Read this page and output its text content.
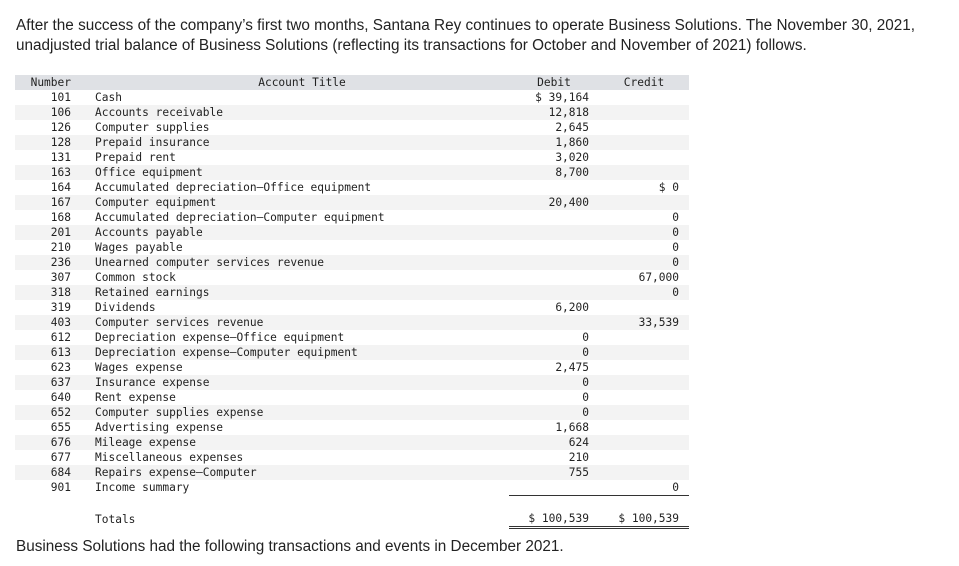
After the success of the company’s first two months, Santana Rey continues to operate Business Solutions. The November 30, 2021, unadjusted trial balance of Business Solutions (reflecting its transactions for October and November of 2021) follows.
Number	Account Title	Debit	Credit
101	Cash	$ 39,164	
106	Accounts receivable	12,818	
126	Computer supplies	2,645	
128	Prepaid insurance	1,860	
131	Prepaid rent	3,020	
163	Office equipment	8,700	
164	Accumulated depreciation—Office equipment		$ 0
167	Computer equipment	20,400	
168	Accumulated depreciation—Computer equipment		0
201	Accounts payable		0
210	Wages payable		0
236	Unearned computer services revenue		0
307	Common stock		67,000
318	Retained earnings		0
319	Dividends	6,200	
403	Computer services revenue		33,539
612	Depreciation expense—Office equipment	0	
613	Depreciation expense—Computer equipment	0	
623	Wages expense	2,475	
637	Insurance expense	0	
640	Rent expense	0	
652	Computer supplies expense	0	
655	Advertising expense	1,668	
676	Mileage expense	624	
677	Miscellaneous expenses	210	
684	Repairs expense—Computer	755	
901	Income summary		0

	Totals	$ 100,539	$ 100,539
Business Solutions had the following transactions and events in December 2021.
